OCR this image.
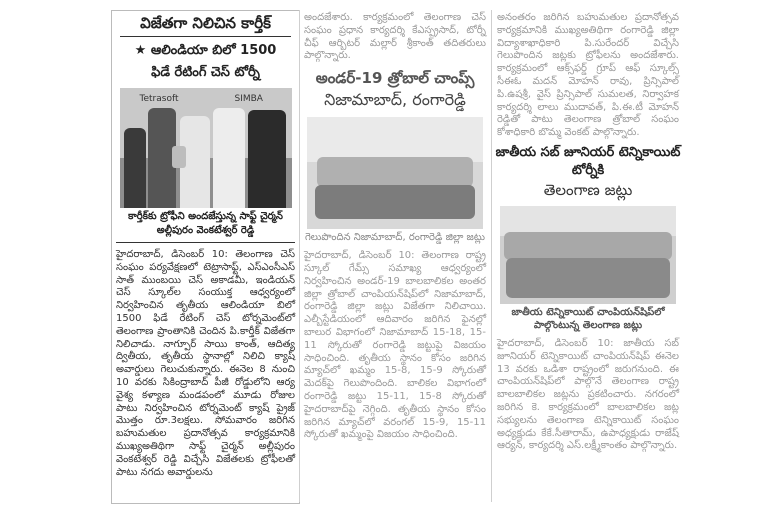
విజేతగా నిలిచిన కార్తీక్‌
★ ఆలిండియా బిలో 1500
ఫిడే రేటింగ్ చెస్ టోర్నీ
Tetrasoft	SIMBA
కార్తీక్‌కు ట్రోఫీని అందజేస్తున్న సాఫ్ట్ చైర్మన్ అల్లీపురం వెంకటేశ్వర్ రెడ్డి

హైదరాబాద్, డిసెంబర్ 10: తెలంగాణ చెస్ సంఘం పర్యవేక్షణలో టెట్రాసాఫ్ట్, ఎస్‌ఎంసీఎస్ సాత్ ముంబయి చెస్ అకాడమీ, ఇండియన్ చెస్ స్కూల్‌ల సంయుక్త ఆధ్వర్యంలో నిర్వహించిన తృతీయ ఆలిండియా బిలో 1500 ఫిడే రేటింగ్ చెస్ టోర్నమెంట్‌లో తెలంగాణ ప్రాంతానికి చెందిన పి.కార్తీక్ విజేతగా నిలిచాడు. నాగ్పూర్ సాయి కాంత్, ఆదిత్య ద్వితీయ, తృతీయ స్థానాల్లో నిలిచి క్యాష్ అవార్డులు గెలుచుకున్నారు. ఈనెల 8 నుంచి 10 వరకు సికింద్రాబాద్ పీజీ రోడ్డులోని ఆర్య వైశ్య కళ్యాణ మండపంలో మూడు రోజుల పాటు నిర్వహించిన టోర్నమెంట్ క్యాష్ ప్రైజ్ మొత్తం రూ.3లక్షలు. సోమవారం జరిగిన బహుమతుల ప్రదానోత్సవ కార్యక్రమానికి ముఖ్యఅతిథిగా సాఫ్ట్ చైర్మన్ అల్లీపురం వెంకటేశ్వర్ రెడ్డి విచ్చేసి విజేతలకు ట్రోఫీలతో పాటు నగదు అవార్డులను

అందజేశారు. కార్యక్రమంలో తెలంగాణ చెస్ సంఘం ప్రధాన కార్యదర్శి కేఎస్ప్రసాద్, టోర్నీ చీఫ్ ఆర్బిటర్ మల్లార్ శ్రీకాంత్ తదితరులు పాల్గొన్నారు.

అండర్-19 త్రోబాల్ చాంప్స్
నిజామాబాద్, రంగారెడ్డి
గెలుపొందిన నిజామాబాద్, రంగారెడ్డి జిల్లా జట్లు

హైదరాబాద్, డిసెంబర్ 10: తెలంగాణ రాష్ట్ర స్కూల్ గేమ్స్ సమాఖ్య ఆధ్వర్యంలో నిర్వహించిన అండర్-19 బాలబాలికల అంతర జిల్లా త్రోబాల్ చాంపియన్‌షిప్‌లో నిజామాబాద్, రంగారెడ్డి జిల్లా జట్లు విజేతగా నిలిచాయి. ఎల్బీస్టేడియంలో ఆదివారం జరిగిన ఫైనల్లో బాలుర విభాగంలో నిజామాబాద్ 15-18, 15-11 స్కోరుతో రంగారెడ్డి జట్టుపై విజయం సాధించింది. తృతీయ స్థానం కోసం జరిగిన మ్యాచ్‌లో ఖమ్మం 15-8, 15-9 స్కోరుతో మెదక్‌పై గెలుపొందింది. బాలికల విభాగంలో రంగారెడ్డి జట్టు 15-11, 15-8 స్కోరుతో హైదరాబాద్‌పై నెగ్గింది. తృతీయ స్థానం కోసం జరిగిన మ్యాచ్‌లో వరంగల్ 15-9, 15-11 స్కోరుతో ఖమ్మంపై విజయం సాధించింది.

అనంతరం జరిగిన బహుమతుల ప్రదానోత్సవ కార్యక్రమానికి ముఖ్యఅతిథిగా రంగారెడ్డి జిల్లా విద్యాశాఖాధికారి పి.సురేందర్ విచ్చేసి గెలుపొందిన జట్లకు ట్రోఫీలను అందజేశారు. కార్యక్రమంలో ఆక్స్‌ఫర్డ్ గ్రూప్ ఆఫ్ స్కూల్స్ సీఈఓ మదన్ మోహన్ రావు, ప్రిన్సిపాల్ పి.ఉషశ్రీ, వైస్ ప్రిన్సిపాల్ సుమలత, నిర్వాహక కార్యదర్శి లాలు ముదావత్, పి.ఈ.టీ మోహన్ రెడ్డితో పాటు తెలంగాణ త్రోబాల్ సంఘం కోశాధికారి బొమ్మ వెంకట్ పాల్గొన్నారు.

జాతీయ సబ్ జూనియర్ టెన్నికాయిట్ టోర్నీకి
తెలంగాణ జట్లు
జాతీయ టెన్నికాయిట్ చాంపియన్‌షిప్‌లో పాల్గొంటున్న తెలంగాణ జట్లు

హైదరాబాద్, డిసెంబర్ 10: జాతీయ సబ్ జూనియర్ టెన్నికాయిట్ చాంపియన్‌షిప్ ఈనెల 13 వరకు ఒడిశా రాష్ట్రంలో జరుగనుంది. ఈ చాంపియన్‌షిప్‌లో పాల్గొనే తెలంగాణ రాష్ట్ర బాలబాలికల జట్లను ప్రకటించారు. నగరంలో జరిగిన కె. కార్యక్రమంలో బాలబాలికల జట్ల సభ్యులను తెలంగాణ టెన్నికాయిట్ సంఘం అధ్యక్షుడు కేకే.సీతారామ్, ఉపాధ్యక్షుడు రాజేష్ ఆర్యన్, కార్యదర్శి ఎస్.లక్ష్మీకాంతం పాల్గొన్నారు.
